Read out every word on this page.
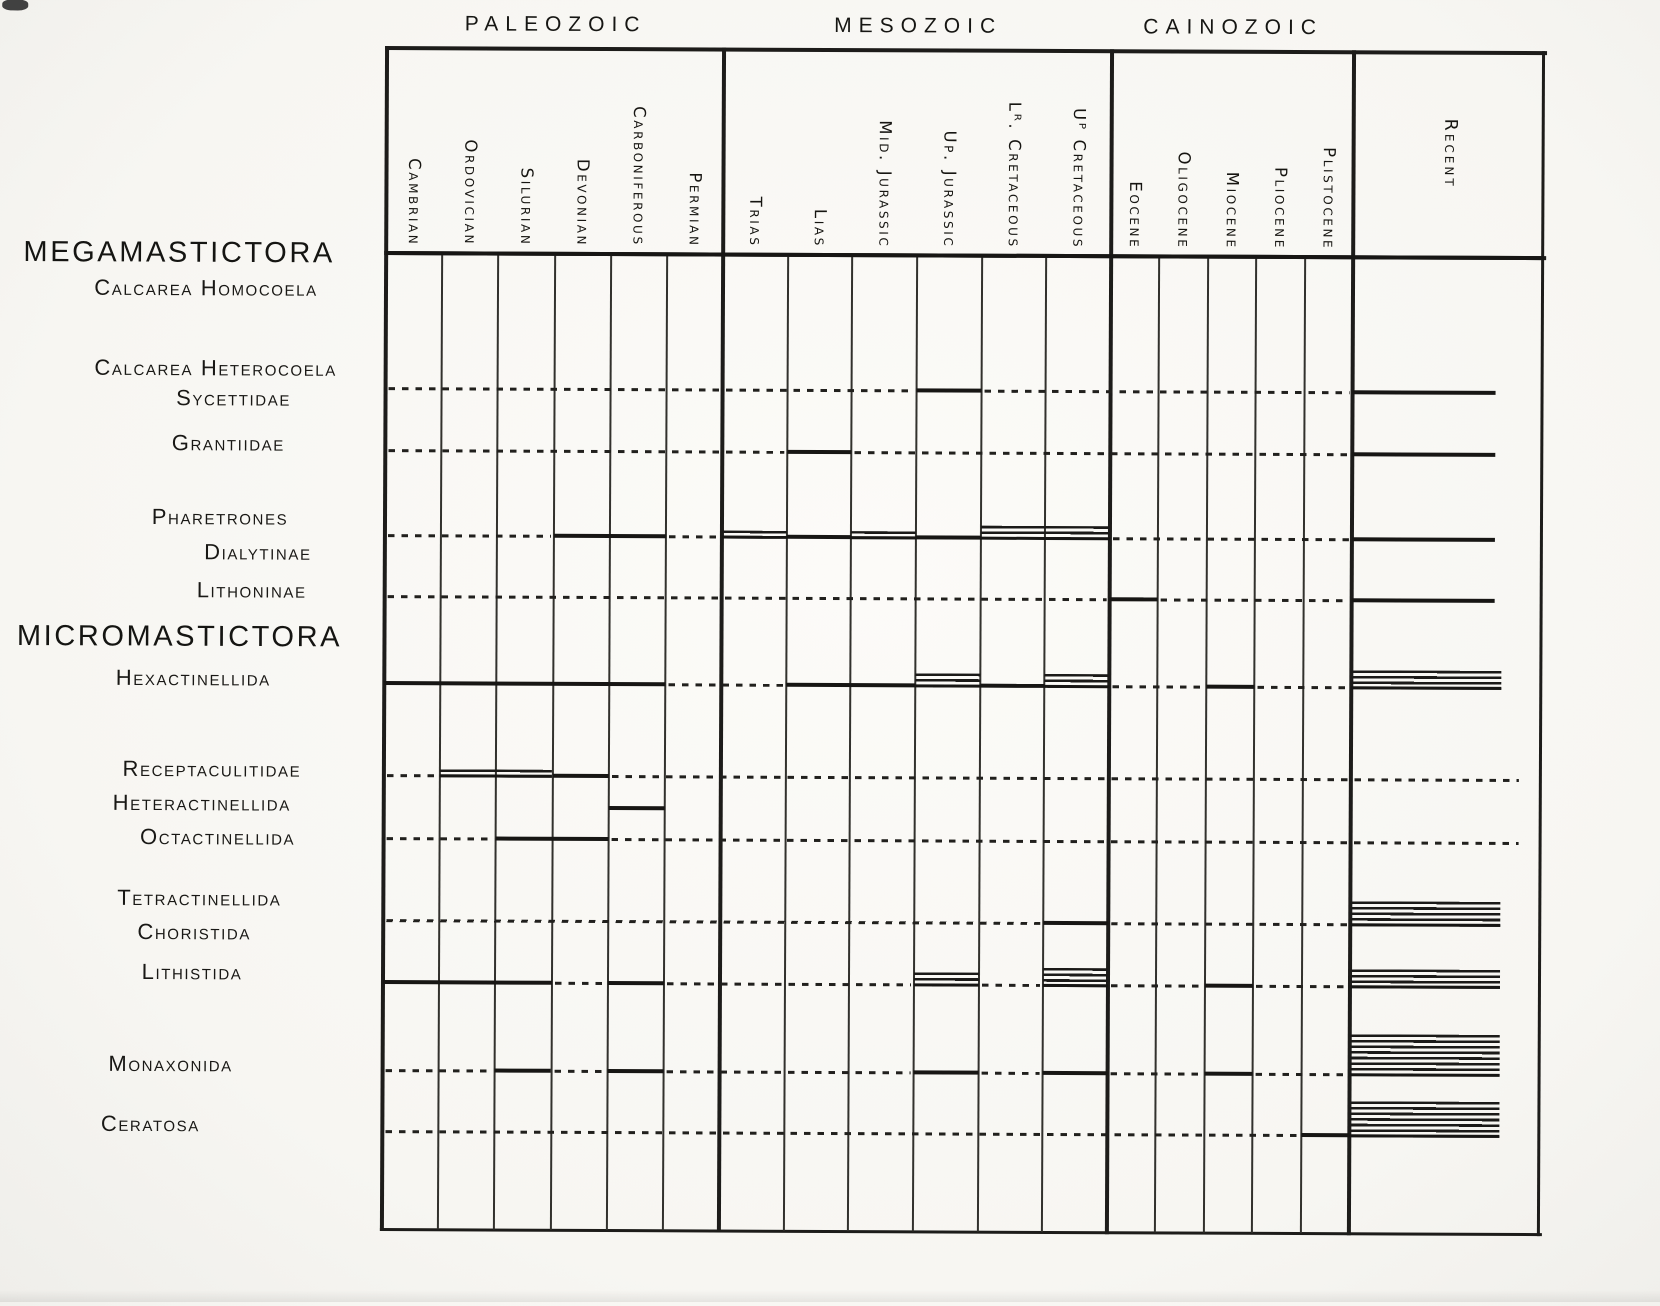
PALEOZOIC	MESOZOIC	CAINOZOIC
Cambrian Ordovician Silurian Devonian Carboniferous Permian Trias	Lias	Mid. Jurassic	Up. Jurassic	Lᴿ. Cretaceous	Uᴾ Cretaceous Eocene Oligocene Miocene Pliocene Plistocene	Recent
MEGAMASTICTORA
Calcarea Homocoela
Calcarea Heterocoela
Sycettidae
Grantiidae
Pharetrones
Dialytinae
Lithoninae
MICROMASTICTORA
Hexactinellida
Receptaculitidae
Heteractinellida
Octactinellida
Tetractinellida
Choristida
Lithistida
Monaxonida
Ceratosa
